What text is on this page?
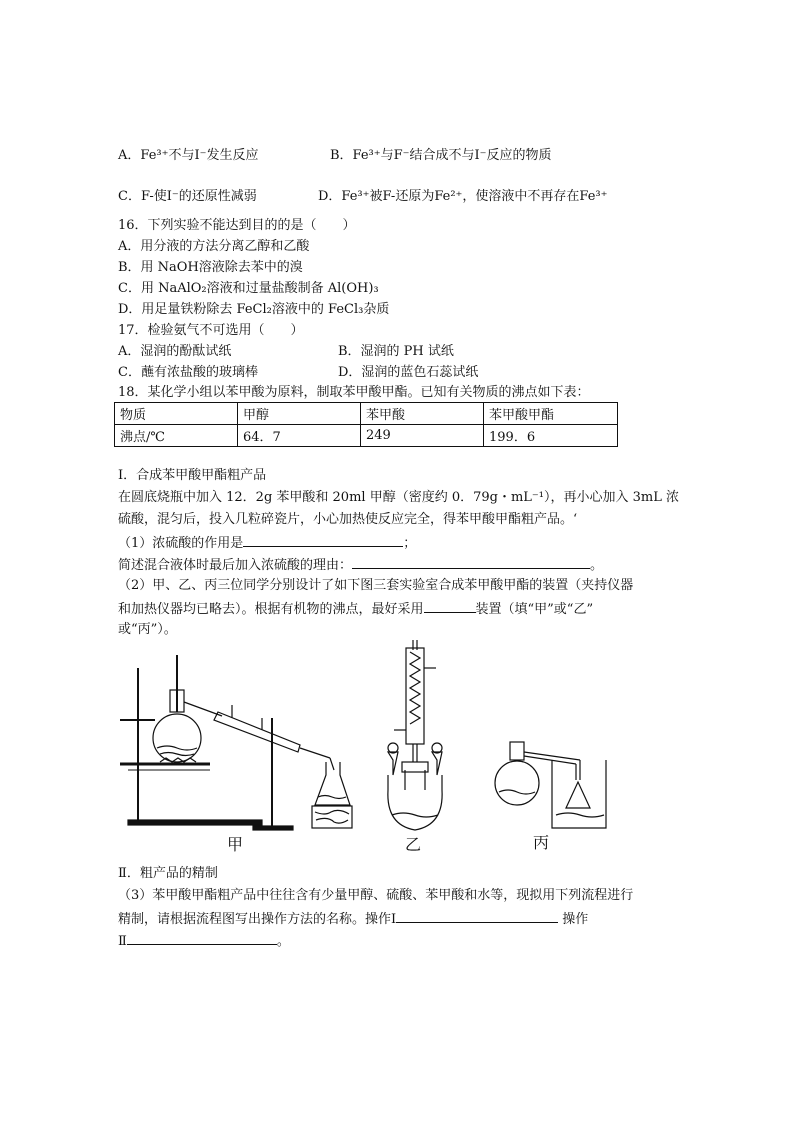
A．Fe³⁺不与I⁻发生反应	B．Fe³⁺与F⁻结合成不与I⁻反应的物质
C．F-使I⁻的还原性减弱	D．Fe³⁺被F-还原为Fe²⁺，使溶液中不再存在Fe³⁺
16．下列实验不能达到目的的是（　　）
A．用分液的方法分离乙醇和乙酸
B．用 NaOH溶液除去苯中的溴
C．用 NaAlO₂溶液和过量盐酸制备 Al(OH)₃
D．用足量铁粉除去 FeCl₂溶液中的 FeCl₃杂质
17．检验氨气不可选用（　　）
A．湿润的酚酞试纸	B．湿润的 PH 试纸
C．蘸有浓盐酸的玻璃棒	D．湿润的蓝色石蕊试纸
18．某化学小组以苯甲酸为原料，制取苯甲酸甲酯。已知有关物质的沸点如下表：
物质	甲醇	苯甲酸	苯甲酸甲酯
沸点/℃	64．7	249	199．6
Ⅰ．合成苯甲酸甲酯粗产品
在圆底烧瓶中加入 12．2g 苯甲酸和 20ml 甲醇（密度约 0．79g・mL⁻¹），再小心加入 3mL 浓
硫酸，混匀后，投入几粒碎瓷片，小心加热使反应完全，得苯甲酸甲酯粗产品。‘
（1）浓硫酸的作用是	；
简述混合液体时最后加入浓硫酸的理由：	。
（2）甲、乙、丙三位同学分别设计了如下图三套实验室合成苯甲酸甲酯的装置（夹持仪器
和加热仪器均已略去）。根据有机物的沸点，最好采用	装置（填“甲”或“乙”
或“丙”）。
甲	乙	丙
Ⅱ．粗产品的精制
（3）苯甲酸甲酯粗产品中往往含有少量甲醇、硫酸、苯甲酸和水等，现拟用下列流程进行
精制，请根据流程图写出操作方法的名称。操作Ⅰ	操作
Ⅱ	。
